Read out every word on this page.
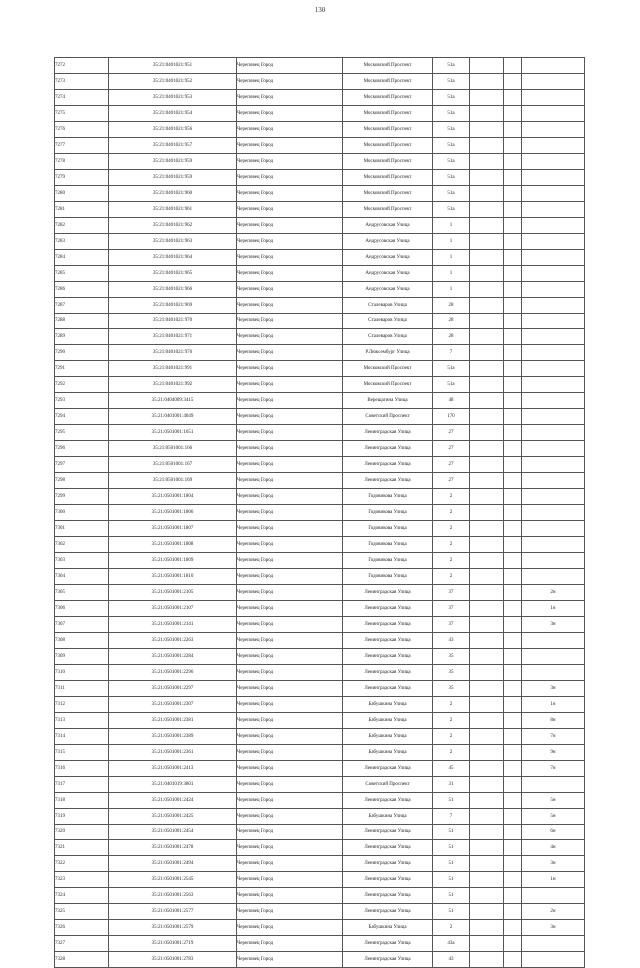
130
7272	35:21:0401021:951	Череповец Город	Московский Проспект	51а			
7273	35:21:0401021:952	Череповец Город	Московский Проспект	51а			
7274	35:21:0401021:953	Череповец Город	Московский Проспект	51а			
7275	35:21:0401021:954	Череповец Город	Московский Проспект	51а			
7276	35:21:0401021:956	Череповец Город	Московский Проспект	51а			
7277	35:21:0401021:957	Череповец Город	Московский Проспект	51а			
7278	35:21:0401021:959	Череповец Город	Московский Проспект	51а			
7279	35:21:0401021:959	Череповец Город	Московский Проспект	51а			
7280	35:21:0401021:960	Череповец Город	Московский Проспект	51а			
7281	35:21:0401021:961	Череповец Город	Московский Проспект	51а			
7282	35:21:0401021:962	Череповец Город	Андрусовская Улица	1			
7283	35:21:0401021:963	Череповец Город	Андрусовская Улица	1			
7284	35:21:0401021:964	Череповец Город	Андрусовская Улица	1			
7285	35:21:0401021:965	Череповец Город	Андрусовская Улица	1			
7286	35:21:0401021:966	Череповец Город	Андрусовская Улица	1			
7287	35:21:0401021:969	Череповец Город	Сталеваров Улица	28			
7288	35:21:0401021:970	Череповец Город	Сталеваров Улица	28			
7289	35:21:0401021:971	Череповец Город	Сталеваров Улица	28			
7290	35:21:0401021:976	Череповец Город	Р.Люксембург Улица	7			
7291	35:21:0401021:991	Череповец Город	Московский Проспект	51а			
7292	35:21:0401021:992	Череповец Город	Московский Проспект	51а			
7293	35:21:0404009:3415	Череповец Город	Верещагина Улица	48			
7294	35:21:0401001:4049	Череповец Город	Советский Проспект	170			
7295	35:21:0501001:1651	Череповец Город	Ленинградская Улица	27			
7296	35:21:0501001:166	Череповец Город	Ленинградская Улица	27			
7297	35:21:0501001:167	Череповец Город	Ленинградская Улица	27			
7298	35:21:0501001:169	Череповец Город	Ленинградская Улица	27			
7299	35:21:0501001:1804	Череповец Город	Годовикова Улица	2			
7300	35:21:0501001:1806	Череповец Город	Годовикова Улица	2			
7301	35:21:0501001:1807	Череповец Город	Годовикова Улица	2			
7302	35:21:0501001:1808	Череповец Город	Годовикова Улица	2			
7303	35:21:0501001:1809	Череповец Город	Годовикова Улица	2			
7304	35:21:0501001:1810	Череповец Город	Годовикова Улица	2			
7305	35:21:0501001:2105	Череповец Город	Ленинградская Улица	37			2н
7306	35:21:0501001:2107	Череповец Город	Ленинградская Улица	37			1н
7307	35:21:0501001:2141	Череповец Город	Ленинградская Улица	37			3н
7308	35:21:0501001:2263	Череповец Город	Ленинградская Улица	43			
7309	35:21:0501001:2284	Череповец Город	Ленинградская Улица	35			
7310	35:21:0501001:2296	Череповец Город	Ленинградская Улица	35			
7311	35:21:0501001:2297	Череповец Город	Ленинградская Улица	35			3н
7312	35:21:0501001:2307	Череповец Город	Бабушкина Улица	2			1н
7313	35:21:0501001:2381	Череповец Город	Бабушкина Улица	2			8н
7314	35:21:0501001:2389	Череповец Город	Бабушкина Улица	2			7н
7315	35:21:0501001:2361	Череповец Город	Бабушкина Улица	2			9н
7316	35:21:0501001:2413	Череповец Город	Ленинградская Улица	45			7н
7317	35:21:0401019:3801	Череповец Город	Советский Проспект	31			
7318	35:21:0501001:2424	Череповец Город	Ленинградская Улица	51			5н
7319	35:21:0501001:2425	Череповец Город	Бабушкина Улица	7			5н
7320	35:21:0501001:2454	Череповец Город	Ленинградская Улица	51			6н
7321	35:21:0501001:2478	Череповец Город	Ленинградская Улица	51			4н
7322	35:21:0501001:2494	Череповец Город	Ленинградская Улица	51			3н
7323	35:21:0501001:2545	Череповец Город	Ленинградская Улица	51			1н
7324	35:21:0501001:2563	Череповец Город	Ленинградская Улица	51			
7325	35:21:0501001:2577	Череповец Город	Ленинградская Улица	51			2н
7326	35:21:0501001:2579	Череповец Город	Бабушкина Улица	2			3н
7327	35:21:0501001:2719	Череповец Город	Ленинградская Улица	43а			
7328	35:21:0501001:2783	Череповец Город	Ленинградская Улица	43			
